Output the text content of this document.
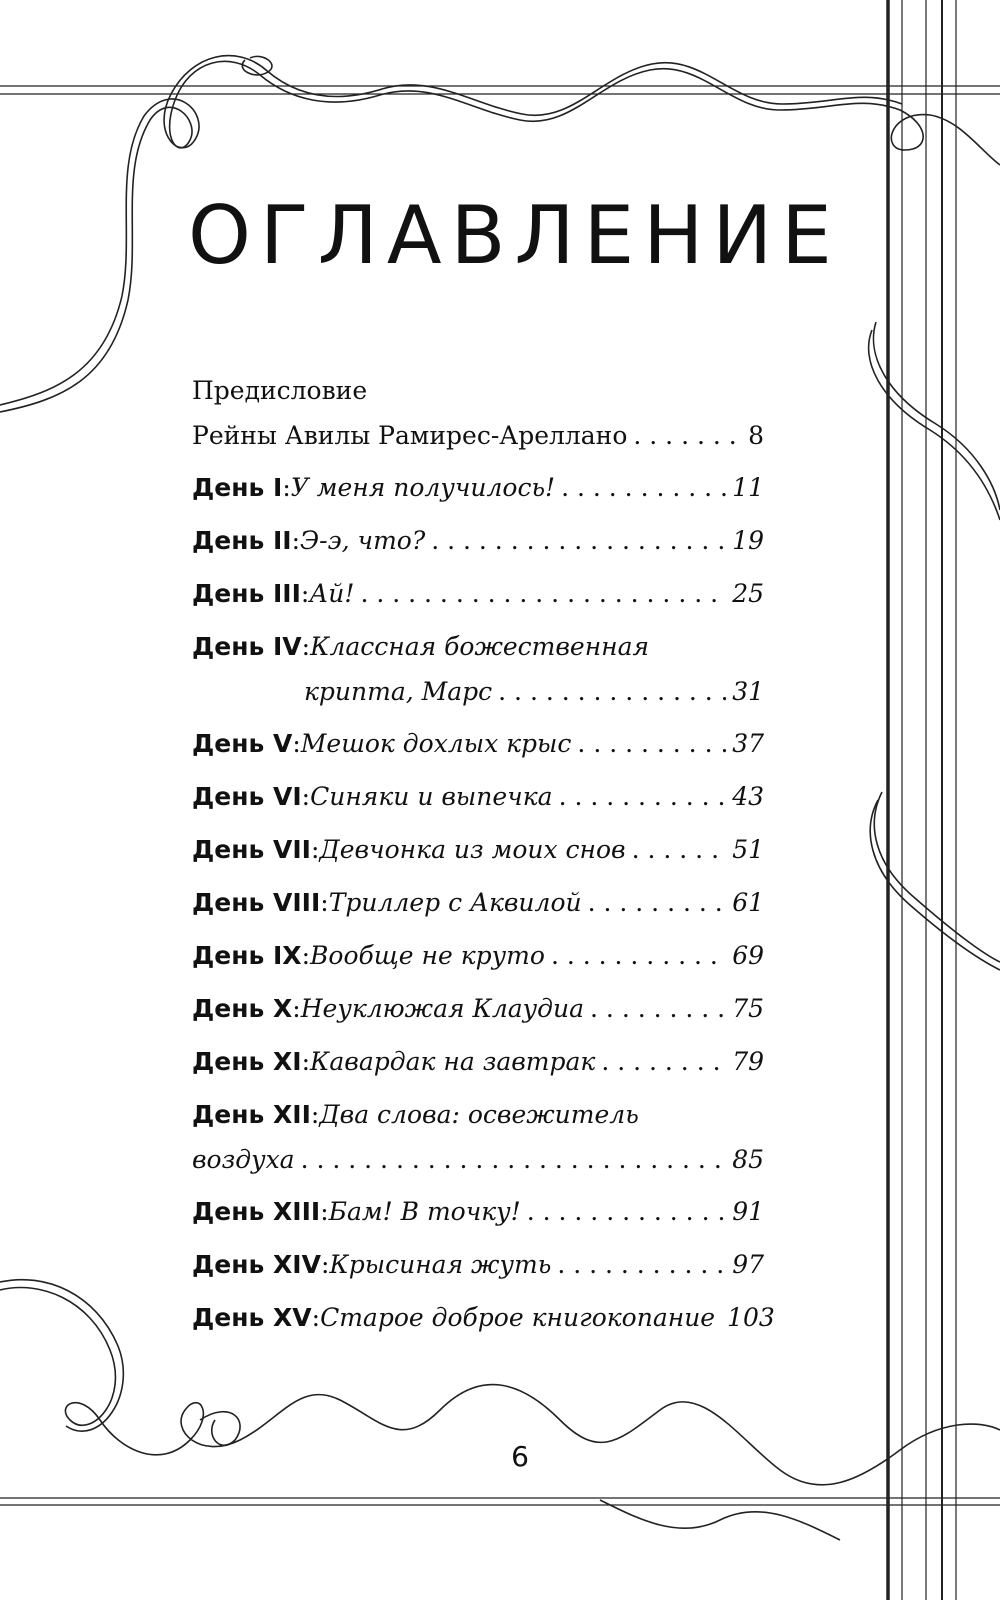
ОГЛАВЛЕНИЕ
Предисловие
Рейны Авилы Рамирес-Ареллано . . .	8
День I : У меня получилось! . . .	11
День II : Э-э, что? . . .	19
День III : Ай! . . .	25
День IV : Классная божественная
крипта, Марс . . .	31
День V : Мешок дохлых крыс . . .	37
День VI : Синяки и выпечка . . .	43
День VII : Девчонка из моих снов . . .	51
День VIII : Триллер с Аквилой . . .	61
День IX : Вообще не круто . . .	69
День X : Неуклюжая Клаудиа . . .	75
День XI : Кавардак на завтрак . . .	79
День XII : Два слова: освежитель
воздуха . . .	85
День XIII : Бам! В точку! . . .	91
День XIV : Крысиная жуть . . .	97
День XV : Старое доброе книгокопание 103
6
